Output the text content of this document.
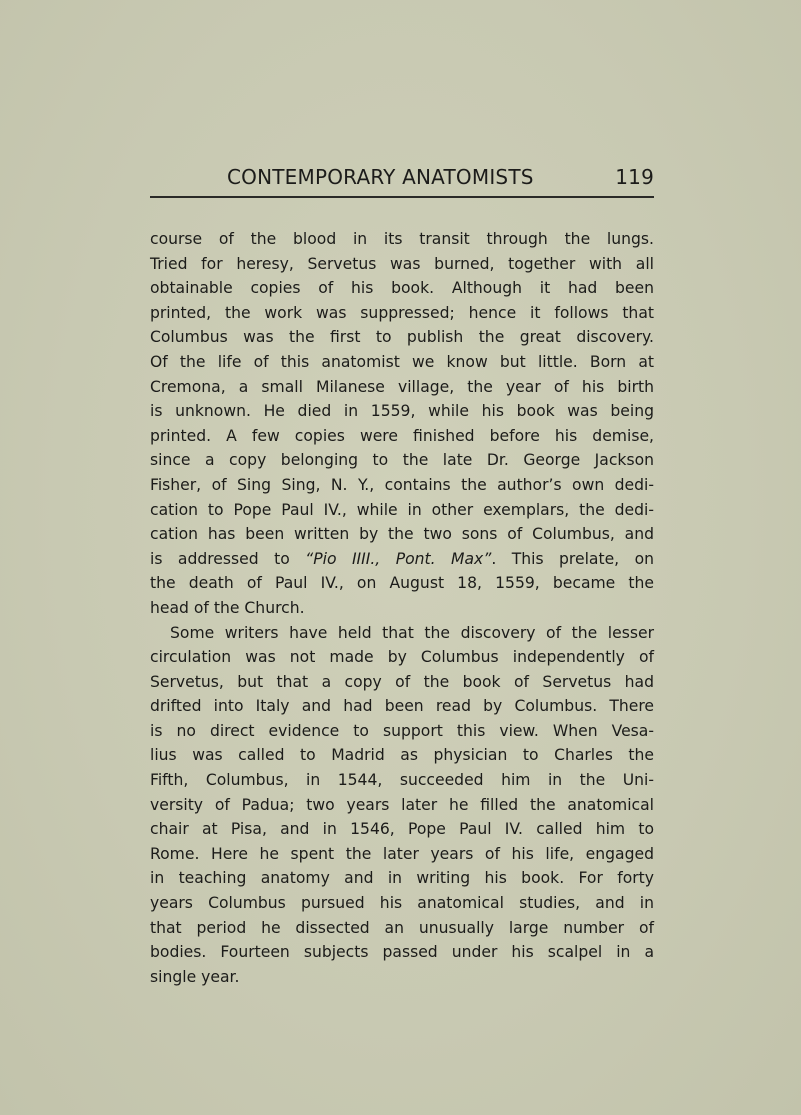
CONTEMPORARY ANATOMISTS	119
course of the blood in its transit through the lungs.
Tried for heresy, Servetus was burned, together with all
obtainable copies of his book. Although it had been
printed, the work was suppressed; hence it follows that
Columbus was the first to publish the great discovery.
Of the life of this anatomist we know but little. Born at
Cremona, a small Milanese village, the year of his birth
is unknown. He died in 1559, while his book was being
printed. A few copies were finished before his demise,
since a copy belonging to the late Dr. George Jackson
Fisher, of Sing Sing, N. Y., contains the author’s own dedi-
cation to Pope Paul IV., while in other exemplars, the dedi-
cation has been written by the two sons of Columbus, and
is addressed to “Pio IIII., Pont. Max”. This prelate, on
the death of Paul IV., on August 18, 1559, became the
head of the Church.
Some writers have held that the discovery of the lesser
circulation was not made by Columbus independently of
Servetus, but that a copy of the book of Servetus had
drifted into Italy and had been read by Columbus. There
is no direct evidence to support this view. When Vesa-
lius was called to Madrid as physician to Charles the
Fifth, Columbus, in 1544, succeeded him in the Uni-
versity of Padua; two years later he filled the anatomical
chair at Pisa, and in 1546, Pope Paul IV. called him to
Rome. Here he spent the later years of his life, engaged
in teaching anatomy and in writing his book. For forty
years Columbus pursued his anatomical studies, and in
that period he dissected an unusually large number of
bodies. Fourteen subjects passed under his scalpel in a
single year.
